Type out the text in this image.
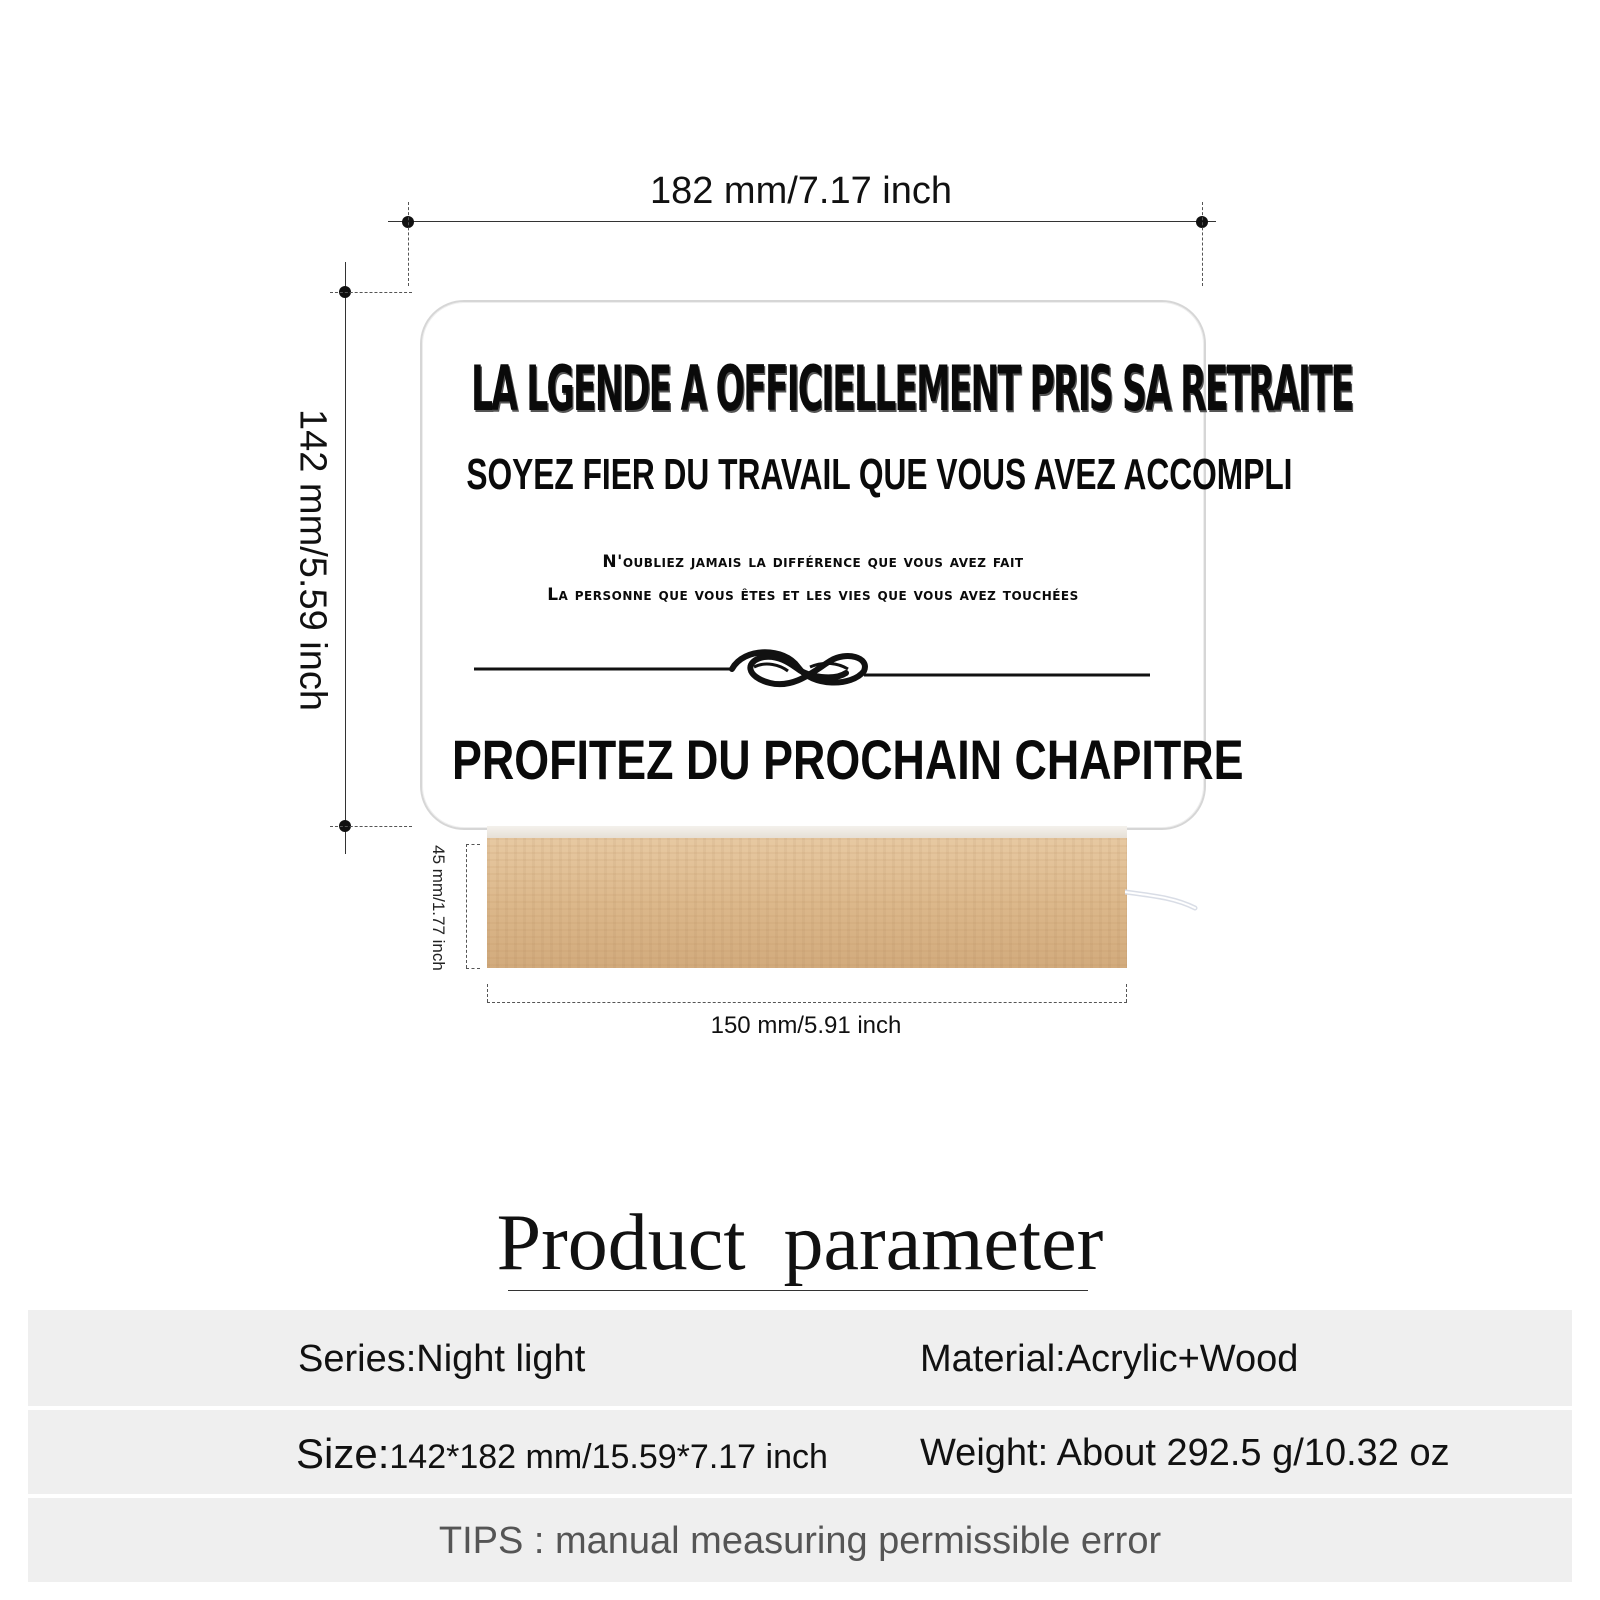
182 mm/7.17 inch
142 mm/5.59 inch
45 mm/1.77 inch
150 mm/5.91 inch
LA LGENDE A OFFICIELLEMENT PRIS SA RETRAITE
SOYEZ FIER DU TRAVAIL QUE VOUS AVEZ ACCOMPLI
N'oubliez jamais la différence que vous avez fait
La personne que vous êtes et les vies que vous avez touchées
PROFITEZ DU PROCHAIN CHAPITRE
Product parameter
Series:Night light	Material:Acrylic+Wood
Size:142*182 mm/15.59*7.17 inch Weight: About 292.5 g/10.32 oz
TIPS : manual measuring permissible error
